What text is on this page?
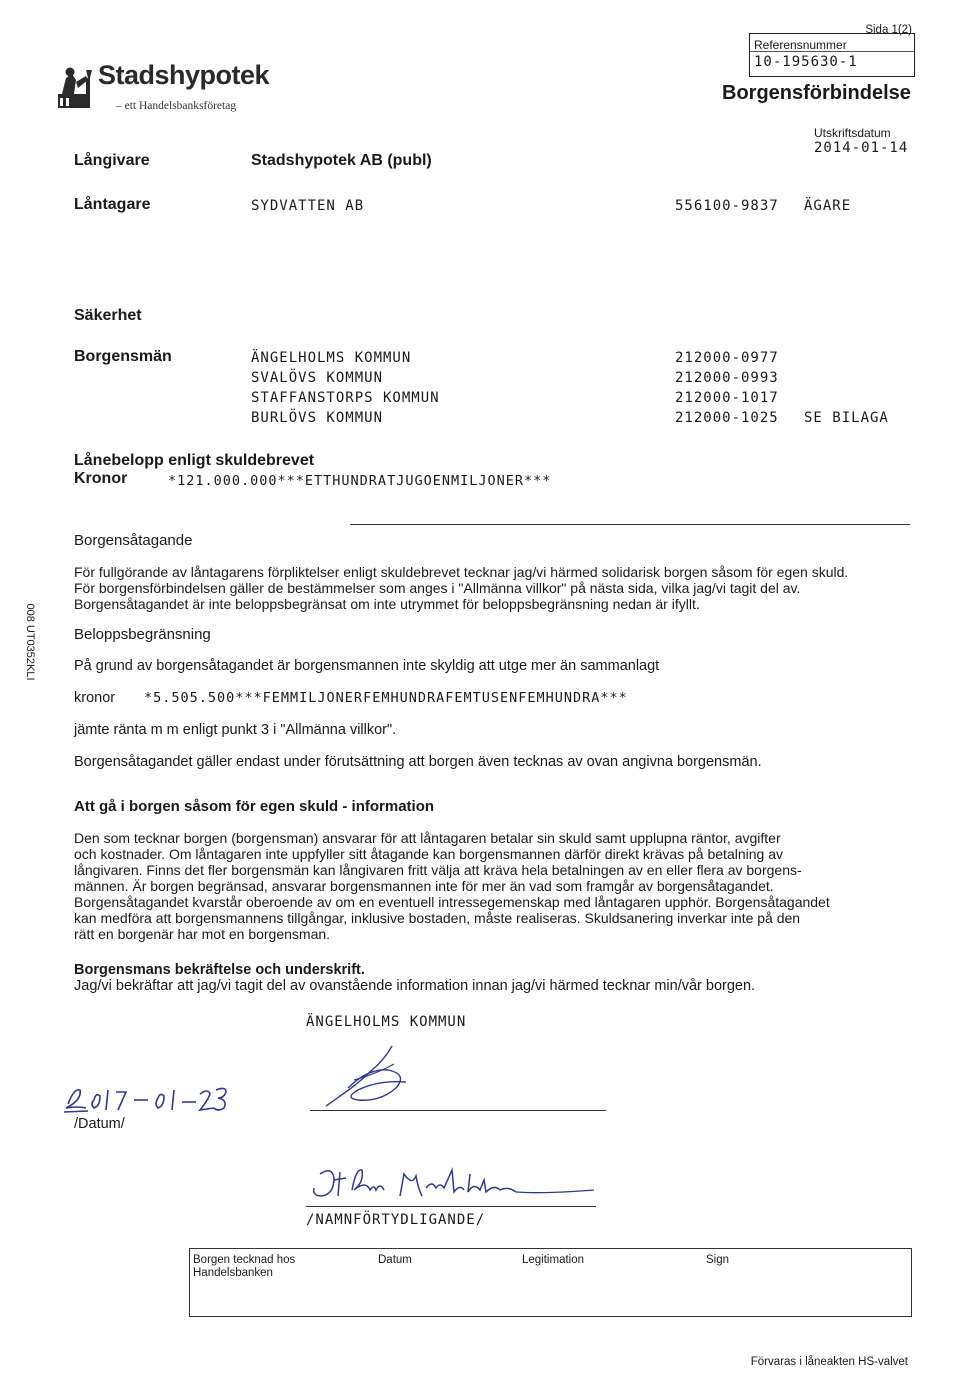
Stadshypotek
– ett Handelsbanksföretag
Sida 1(2)
Referensnummer
10-195630-1
Borgensförbindelse
Utskriftsdatum
2014-01-14
Långivare	Stadshypotek AB (publ)
Låntagare	SYDVATTEN AB	556100-9837 ÄGARE
Säkerhet
Borgensmän	ÄNGELHOLMS KOMMUN	212000-0977
SVALÖVS KOMMUN	212000-0993
STAFFANSTORPS KOMMUN	212000-1017
BURLÖVS KOMMUN	212000-1025 SE BILAGA
Lånebelopp enligt skuldebrevet
Kronor	*121.000.000***ETTHUNDRATJUGOENMILJONER***
Borgensåtagande
För fullgörande av låntagarens förpliktelser enligt skuldebrevet tecknar jag/vi härmed solidarisk borgen såsom för egen skuld.
För borgensförbindelsen gäller de bestämmelser som anges i "Allmänna villkor" på nästa sida, vilka jag/vi tagit del av.
Borgensåtagandet är inte beloppsbegränsat om inte utrymmet för beloppsbegränsning nedan är ifyllt.
Beloppsbegränsning
På grund av borgensåtagandet är borgensmannen inte skyldig att utge mer än sammanlagt
kronor *5.505.500***FEMMILJONERFEMHUNDRAFEMTUSENFEMHUNDRA***
jämte ränta m m enligt punkt 3 i "Allmänna villkor".
Borgensåtagandet gäller endast under förutsättning att borgen även tecknas av ovan angivna borgensmän.
Att gå i borgen såsom för egen skuld - information
Den som tecknar borgen (borgensman) ansvarar för att låntagaren betalar sin skuld samt upplupna räntor, avgifter
och kostnader. Om låntagaren inte uppfyller sitt åtagande kan borgensmannen därför direkt krävas på betalning av
långivaren. Finns det fler borgensmän kan långivaren fritt välja att kräva hela betalningen av en eller flera av borgens-
männen. Är borgen begränsad, ansvarar borgensmannen inte för mer än vad som framgår av borgensåtagandet.
Borgensåtagandet kvarstår oberoende av om en eventuell intressegemenskap med låntagaren upphör. Borgensåtagandet
kan medföra att borgensmannens tillgångar, inklusive bostaden, måste realiseras. Skuldsanering inverkar inte på den
rätt en borgenär har mot en borgensman.
Borgensmans bekräftelse och underskrift.
Jag/vi bekräftar att jag/vi tagit del av ovanstående information innan jag/vi härmed tecknar min/vår borgen.
ÄNGELHOLMS KOMMUN
/Datum/
/NAMNFÖRTYDLIGANDE/
Borgen tecknad hos
Handelsbanken
Datum	Legitimation	Sign
Förvaras i låneakten HS-valvet
008 UT0352KLI
